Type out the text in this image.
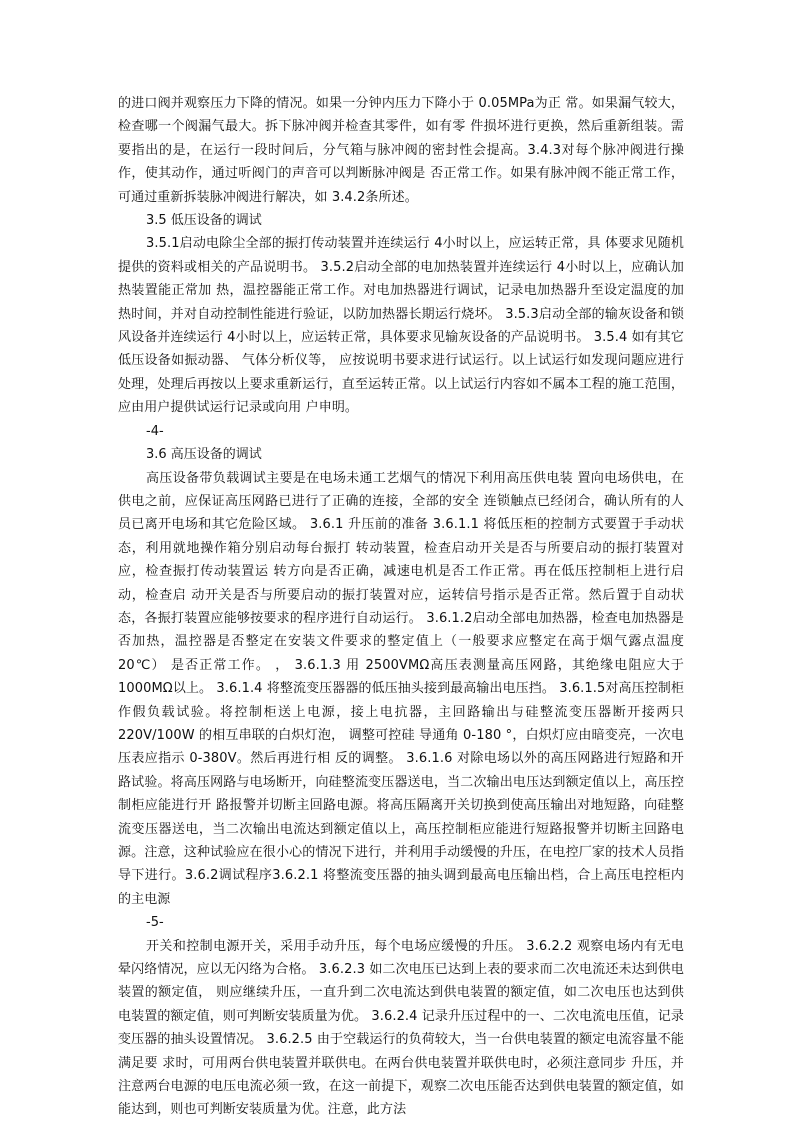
的进口阀并观察压力下降的情况。如果一分钟内压力下降小于 0.05MPa为正 常。如果漏气较大，检查哪一个阀漏气最大。拆下脉冲阀并检查其零件，如有零 件损坏进行更换，然后重新组装。需要指出的是，在运行一段时间后，分气箱与脉冲阀的密封性会提高。3.4.3对每个脉冲阀进行操作，使其动作，通过听阀门的声音可以判断脉冲阀是 否正常工作。如果有脉冲阀不能正常工作，可通过重新拆装脉冲阀进行解决，如 3.4.2条所述。

3.5 低压设备的调试

3.5.1启动电除尘全部的振打传动装置并连续运行 4小时以上，应运转正常，具 体要求见随机提供的资料或相关的产品说明书。 3.5.2启动全部的电加热装置并连续运行 4小时以上，应确认加热装置能正常加 热，温控器能正常工作。对电加热器进行调试，记录电加热器升至设定温度的加 热时间，并对自动控制性能进行验证，以防加热器长期运行烧坏。 3.5.3启动全部的输灰设备和锁风设备并连续运行 4小时以上，应运转正常，具体要求见输灰设备的产品说明书。 3.5.4 如有其它低压设备如振动器、 气体分析仪等， 应按说明书要求进行试运行。以上试运行如发现问题应进行处理，处理后再按以上要求重新运行，直至运转正常。以上试运行内容如不属本工程的施工范围， 应由用户提供试运行记录或向用 户申明。

-4-

3.6 高压设备的调试

高压设备带负载调试主要是在电场未通工艺烟气的情况下利用高压供电装 置向电场供电，在供电之前，应保证高压网路已进行了正确的连接，全部的安全 连锁触点已经闭合，确认所有的人员已离开电场和其它危险区域。 3.6.1 升压前的准备 3.6.1.1 将低压柜的控制方式要置于手动状态，利用就地操作箱分别启动每台振打 转动装置，检查启动开关是否与所要启动的振打装置对应，检查振打传动装置运 转方向是否正确，减速电机是否工作正常。再在低压控制柜上进行启动，检查启 动开关是否与所要启动的振打装置对应，运转信号指示是否正常。然后置于自动状态，各振打装置应能够按要求的程序进行自动运行。 3.6.1.2启动全部电加热器，检查电加热器是否加热，温控器是否整定在安装文件要求的整定值上（一般要求应整定在高于烟气露点温度 20℃） 是否正常工作。 ， 3.6.1.3 用 2500VMΩ高压表测量高压网路，其绝缘电阻应大于 1000MΩ以上。 3.6.1.4 将整流变压器器的低压抽头接到最高输出电压挡。 3.6.1.5对高压控制柜作假负载试验。将控制柜送上电源，接上电抗器，主回路输出与硅整流变压器断开接两只 220V/100W 的相互串联的白炽灯泡， 调整可控硅 导通角 0-180 °，白炽灯应由暗变亮，一次电压表应指示 0-380V。然后再进行相 反的调整。 3.6.1.6 对除电场以外的高压网路进行短路和开路试验。将高压网路与电场断开，向硅整流变压器送电，当二次输出电压达到额定值以上，高压控制柜应能进行开 路报警并切断主回路电源。将高压隔离开关切换到使高压输出对地短路，向硅整 流变压器送电，当二次输出电流达到额定值以上，高压控制柜应能进行短路报警并切断主回路电源。注意，这种试验应在很小心的情况下进行，并利用手动缓慢的升压，在电控厂家的技术人员指导下进行。3.6.2调试程序3.6.2.1 将整流变压器的抽头调到最高电压输出档，合上高压电控柜内的主电源

-5-

开关和控制电源开关，采用手动升压，每个电场应缓慢的升压。 3.6.2.2 观察电场内有无电晕闪络情况，应以无闪络为合格。 3.6.2.3 如二次电压已达到上表的要求而二次电流还未达到供电装置的额定值， 则应继续升压，一直升到二次电流达到供电装置的额定值，如二次电压也达到供 电装置的额定值，则可判断安装质量为优。 3.6.2.4 记录升压过程中的一、二次电流电压值，记录变压器的抽头设置情况。 3.6.2.5 由于空载运行的负荷较大，当一台供电装置的额定电流容量不能满足要 求时，可用两台供电装置并联供电。在两台供电装置并联供电时，必须注意同步 升压，并注意两台电源的电压电流必须一致，在这一前提下，观察二次电压能否达到供电装置的额定值，如能达到，则也可判断安装质量为优。注意，此方法
